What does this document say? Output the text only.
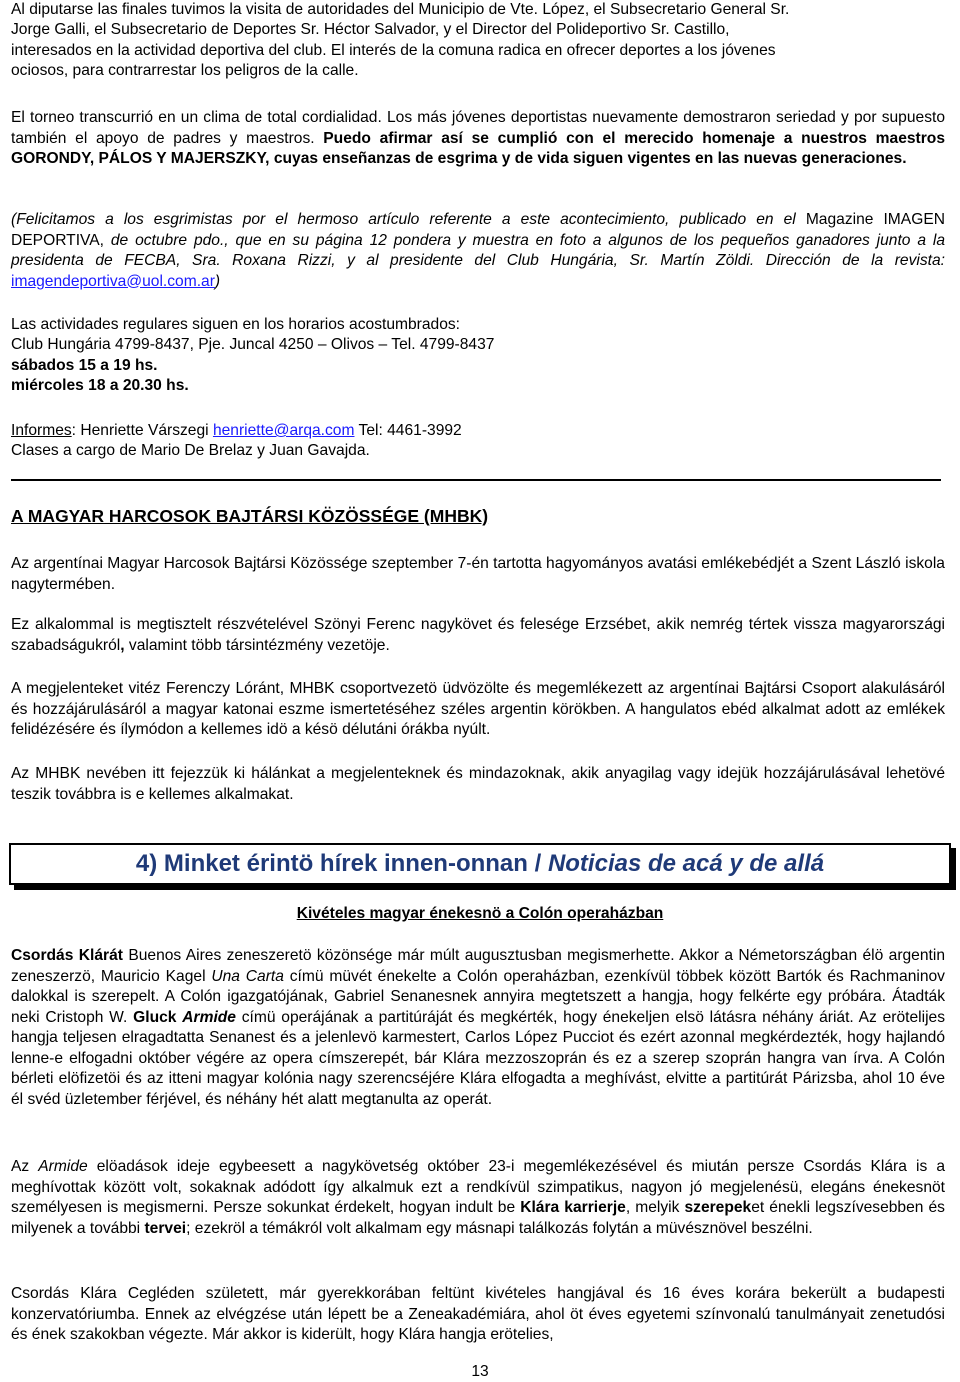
Al diputarse las finales tuvimos la visita de autoridades del Municipio de Vte. López, el Subsecretario General Sr.

Jorge Galli, el Subsecretario de Deportes Sr. Héctor Salvador, y el Director del Polideportivo Sr. Castillo,

interesados en la actividad deportiva del club. El interés de la comuna radica en ofrecer deportes a los jóvenes

ociosos, para contrarrestar los peligros de la calle.

El torneo transcurrió en un clima de total cordialidad. Los más jóvenes deportistas nuevamente demostraron seriedad y por supuesto también el apoyo de padres y maestros. Puedo afirmar así se cumplió con el merecido homenaje a nuestros maestros GORONDY, PÁLOS Y MAJERSZKY, cuyas enseñanzas de esgrima y de vida siguen vigentes en las nuevas generaciones.

(Felicitamos a los esgrimistas por el hermoso artículo referente a este acontecimiento, publicado en el Magazine IMAGEN DEPORTIVA, de octubre pdo., que en su página 12 pondera y muestra en foto a algunos de los pequeños ganadores junto a la presidenta de FECBA, Sra. Roxana Rizzi, y al presidente del Club Hungária, Sr. Martín Zöldi. Dirección de la revista: imagendeportiva@uol.com.ar)

Las actividades regulares siguen en los horarios acostumbrados:

Club Hungária 4799-8437, Pje. Juncal 4250 – Olivos – Tel. 4799-8437

sábados 15 a 19 hs.

miércoles 18 a 20.30 hs.

Informes: Henriette Várszegi henriette@arqa.com Tel: 4461-3992

Clases a cargo de Mario De Brelaz y Juan Gavajda.

A MAGYAR HARCOSOK BAJTÁRSI KÖZÖSSÉGE (MHBK)

Az argentínai Magyar Harcosok Bajtársi Közössége szeptember 7-én tartotta hagyományos avatási emlékebédjét a Szent László iskola nagytermében.

Ez alkalommal is megtisztelt részvételével Szönyi Ferenc nagykövet és felesége Erzsébet, akik nemrég tértek vissza magyarországi szabadságukról, valamint több társintézmény vezetöje.

A megjelenteket vitéz Ferenczy Lóránt, MHBK csoportvezetö üdvözölte és megemlékezett az argentínai Bajtársi Csoport alakulásáról és hozzájárulásáról a magyar katonai eszme ismertetéséhez széles argentin körökben. A hangulatos ebéd alkalmat adott az emlékek felidézésére és ílymódon a kellemes idö a késö délutáni órákba nyúlt.

Az MHBK nevében itt fejezzük ki hálánkat a megjelenteknek és mindazoknak, akik anyagilag vagy idejük hozzájárulásával lehetövé teszik továbbra is e kellemes alkalmakat.

4) Minket érintö hírek innen-onnan / Noticias de acá y de allá
Kivételes magyar énekesnö a Colón operaházban

Csordás Klárát Buenos Aires zeneszeretö közönsége már múlt augusztusban megismerhette. Akkor a Németországban élö argentin zeneszerzö, Mauricio Kagel Una Carta címü müvét énekelte a Colón operaházban, ezenkívül többek között Bartók és Rachmaninov dalokkal is szerepelt. A Colón igazgatójának, Gabriel Senanesnek annyira megtetszett a hangja, hogy felkérte egy próbára. Átadták neki Cristoph W. Gluck Armide címü operájának a partitúráját és megkérték, hogy énekeljen elsö látásra néhány áriát. Az erötelijes hangja teljesen elragadtatta Senanest és a jelenlevö karmestert, Carlos López Pucciot és ezért azonnal megkérdezték, hogy hajlandó lenne-e elfogadni október végére az opera címszerepét, bár Klára mezzoszoprán és ez a szerep szoprán hangra van írva. A Colón bérleti elöfizetöi és az itteni magyar kolónia nagy szerencséjére Klára elfogadta a meghívást, elvitte a partitúrát Párizsba, ahol 10 éve él svéd üzletember férjével, és néhány hét alatt megtanulta az operát.

Az Armide elöadások ideje egybeesett a nagykövetség október 23-i megemlékezésével és miután persze Csordás Klára is a meghívottak között volt, sokaknak adódott így alkalmuk ezt a rendkívül szimpatikus, nagyon jó megjelenésü, elegáns énekesnöt személyesen is megismerni. Persze sokunkat érdekelt, hogyan indult be Klára karrierje, melyik szerepeket énekli legszívesebben és milyenek a további tervei; ezekröl a témákról volt alkalmam egy másnapi találkozás folytán a müvésznövel beszélni.

Csordás Klára Cegléden született, már gyerekkorában feltünt kivételes hangjával és 16 éves korára bekerült a budapesti konzervatóriumba. Ennek az elvégzése után lépett be a Zeneakadémiára, ahol öt éves egyetemi színvonalú tanulmányait zenetudósi és ének szakokban végezte. Már akkor is kiderült, hogy Klára hangja erötelies,

13
